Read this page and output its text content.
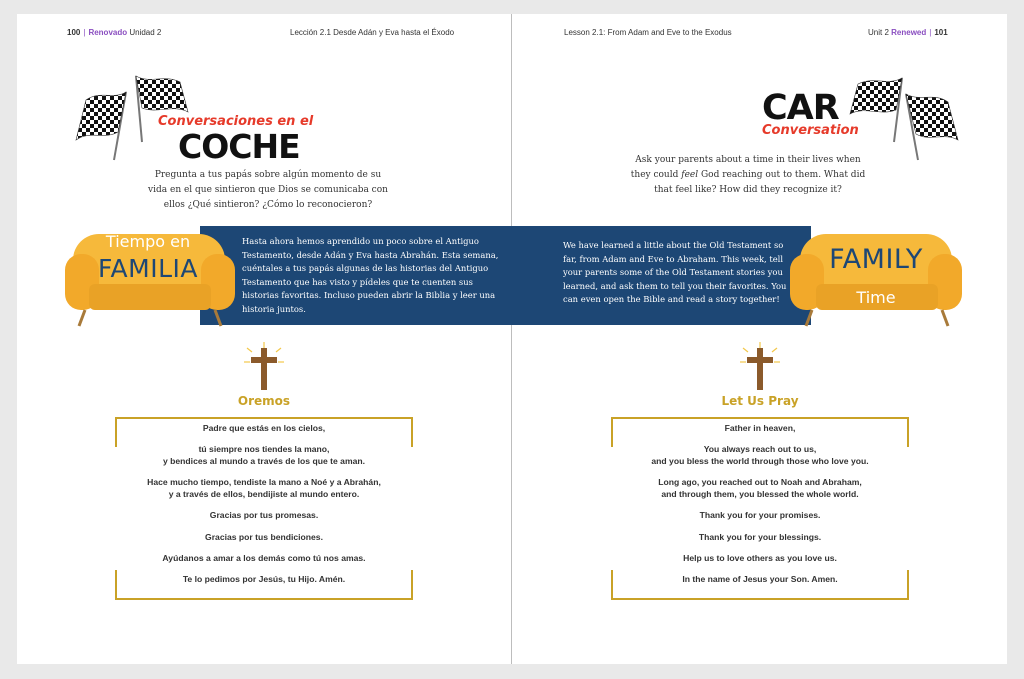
100 | Renovado Unidad 2	Lección 2.1 Desde Adán y Eva hasta el Éxodo	Lesson 2.1: From Adam and Eve to the Exodus	Unit 2 Renewed | 101
Conversaciones en el
COCHE
Pregunta a tus papás sobre algún momento de su vida en el que sintieron que Dios se comunicaba con ellos ¿Qué sintieron? ¿Cómo lo reconocieron?
CAR
Conversation
Ask your parents about a time in their lives when they could feel God reaching out to them. What did that feel like? How did they recognize it?
Hasta ahora hemos aprendido un poco sobre el Antiguo Testamento, desde Adán y Eva hasta Abrahán. Esta semana, cuéntales a tus papás algunas de las historias del Antiguo Testamento que has visto y pídeles que te cuenten sus historias favoritas. Incluso pueden abrir la Biblia y leer una historia juntos.
We have learned a little about the Old Testament so far, from Adam and Eve to Abraham. This week, tell your parents some of the Old Testament stories you learned, and ask them to tell you their favorites. You can even open the Bible and read a story together!
Tiempo en
FAMILIA	FAMILY
Time
Oremos	Let Us Pray

Padre que estás en los cielos,

tú siempre nos tiendes la mano,
y bendices al mundo a través de los que te aman.

Hace mucho tiempo, tendiste la mano a Noé y a Abrahán,
y a través de ellos, bendijiste al mundo entero.

Gracias por tus promesas.

Gracias por tus bendiciones.

Ayúdanos a amar a los demás como tú nos amas.

Te lo pedimos por Jesús, tu Hijo. Amén.

Father in heaven,

You always reach out to us,
and you bless the world through those who love you.

Long ago, you reached out to Noah and Abraham,
and through them, you blessed the whole world.

Thank you for your promises.

Thank you for your blessings.

Help us to love others as you love us.

In the name of Jesus your Son. Amen.
